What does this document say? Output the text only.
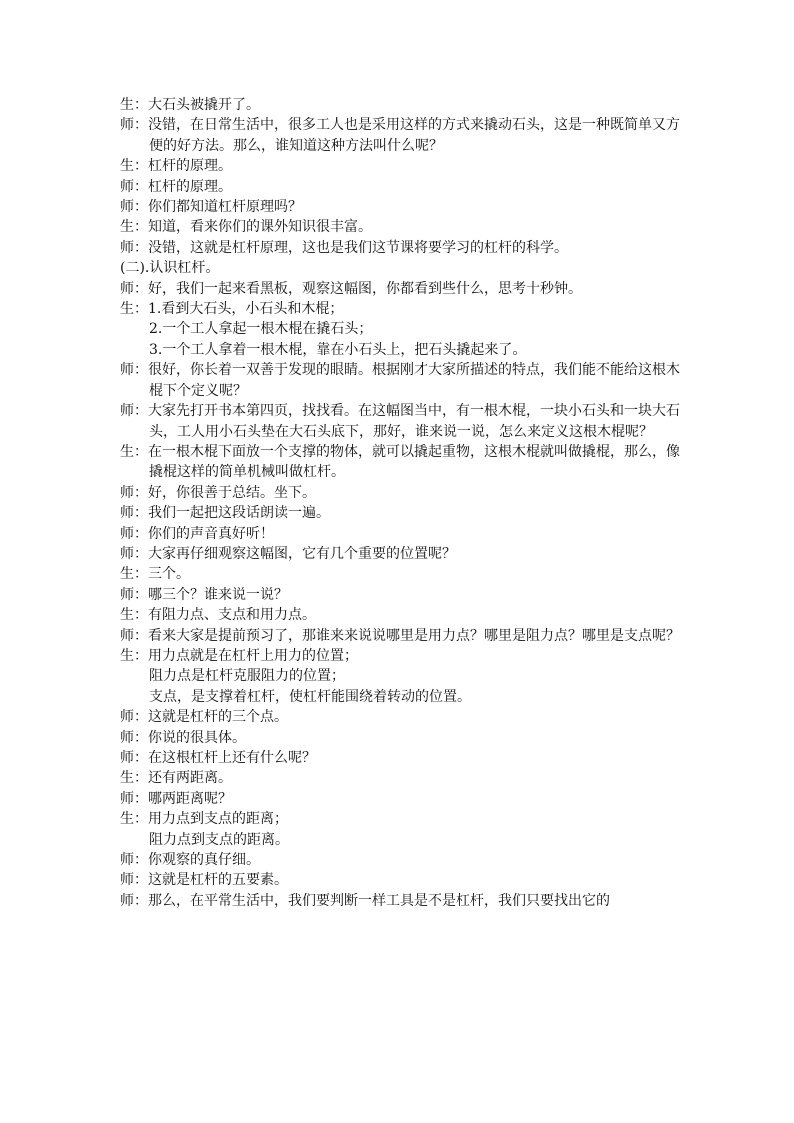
生：大石头被撬开了。

师：没错，在日常生活中，很多工人也是采用这样的方式来撬动石头，这是一种既简单又方便的好方法。那么，谁知道这种方法叫什么呢？

生：杠杆的原理。

师：杠杆的原理。

师：你们都知道杠杆原理吗？

生：知道，看来你们的课外知识很丰富。

师：没错，这就是杠杆原理，这也是我们这节课将要学习的杠杆的科学。

(二).认识杠杆。

师：好，我们一起来看黑板，观察这幅图，你都看到些什么，思考十秒钟。

生：1.看到大石头，小石头和木棍；

2.一个工人拿起一根木棍在撬石头；

3.一个工人拿着一根木棍，靠在小石头上，把石头撬起来了。

师：很好，你长着一双善于发现的眼睛。根据刚才大家所描述的特点，我们能不能给这根木

棍下个定义呢？

师：大家先打开书本第四页，找找看。在这幅图当中，有一根木棍，一块小石头和一块大石

头，工人用小石头垫在大石头底下，那好，谁来说一说，怎么来定义这根木棍呢？

生：在一根木棍下面放一个支撑的物体，就可以撬起重物，这根木棍就叫做撬棍，那么，像撬棍这样的简单机械叫做杠杆。

师：好，你很善于总结。坐下。

师：我们一起把这段话朗读一遍。

师：你们的声音真好听！

师：大家再仔细观察这幅图，它有几个重要的位置呢？

生：三个。

师：哪三个？谁来说一说？

生：有阻力点、支点和用力点。

师：看来大家是提前预习了，那谁来来说说哪里是用力点？哪里是阻力点？哪里是支点呢？

生：用力点就是在杠杆上用力的位置；

阻力点是杠杆克服阻力的位置；

支点，是支撑着杠杆，使杠杆能围绕着转动的位置。

师：这就是杠杆的三个点。

师：你说的很具体。

师：在这根杠杆上还有什么呢？

生：还有两距离。

师：哪两距离呢？

生：用力点到支点的距离；

阻力点到支点的距离。

师：你观察的真仔细。

师：这就是杠杆的五要素。

师：那么，在平常生活中，我们要判断一样工具是不是杠杆，我们只要找出它的
